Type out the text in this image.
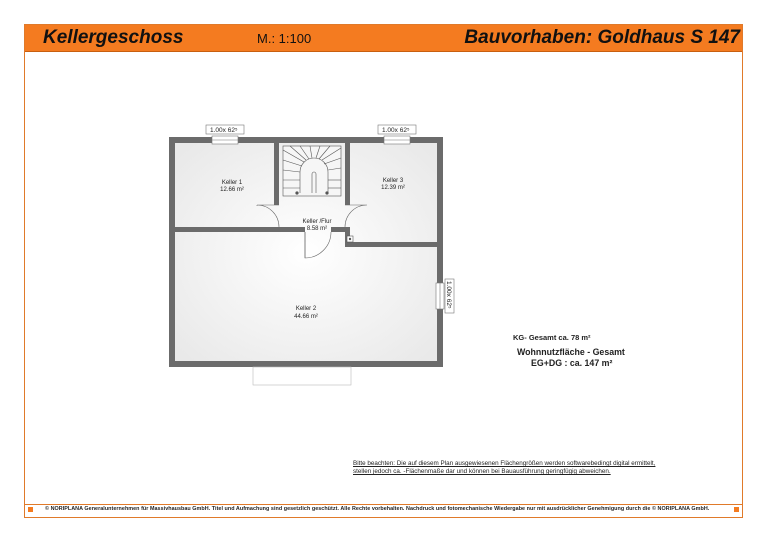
Kellergeschoss	M.: 1:100	Bauvorhaben: Goldhaus S 147
© NORIPLANA Generalunternehmen für Massivhausbau GmbH. Titel und Aufmachung sind gesetzlich geschützt. Alle Rechte vorbehalten. Nachdruck und fotomechanische Wiedergabe nur mit ausdrücklicher Genehmigung durch die © NORIPLANA GmbH.
1.00x 62⁵	1.00x 62⁵
1.00x 62⁵
Keller 1
12.66 m²
Keller 3
12.39 m²
Keller /Flur
8.58 m²
Keller 2
44.66 m²
KG- Gesamt ca. 78 m²
Wohnnutzfläche - Gesamt
EG+DG : ca. 147 m²
Bitte beachten: Die auf diesem Plan ausgewiesenen Flächengrößen werden softwarebedingt digital ermittelt,
stellen jedoch ca. -Flächenmaße dar und können bei Bauausführung geringfügig abweichen.
